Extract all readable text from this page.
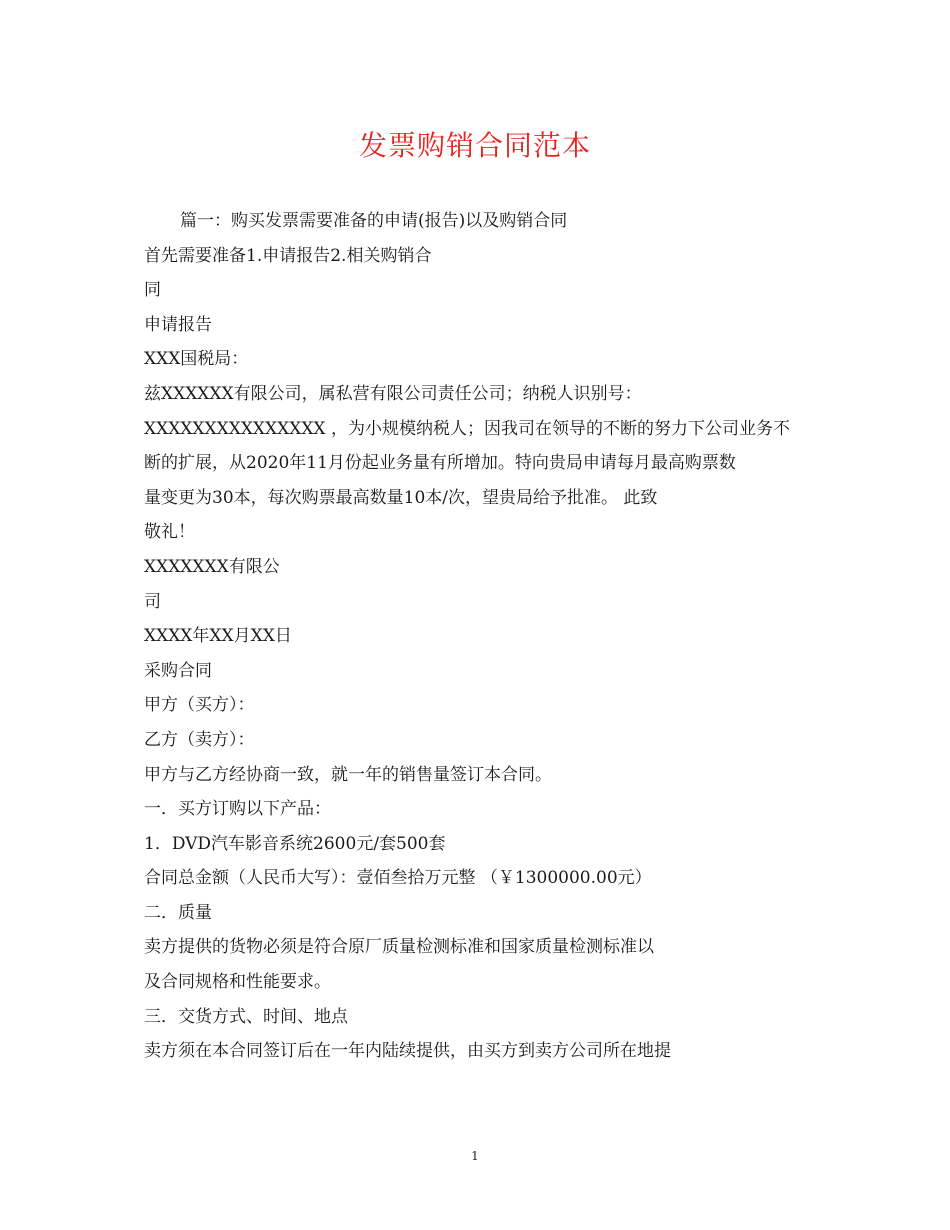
发票购销合同范本
篇一：购买发票需要准备的申请(报告)以及购销合同
首先需要准备1.申请报告2.相关购销合
同
申请报告
XXX国税局：
兹XXXXXX有限公司，属私营有限公司责任公司；纳税人识别号：
XXXXXXXXXXXXXXX ，为小规模纳税人；因我司在领导的不断的努力下公司业务不
断的扩展，从2020年11月份起业务量有所增加。特向贵局申请每月最高购票数
量变更为30本，每次购票最高数量10本/次，望贵局给予批准。 此致
敬礼！
XXXXXXX有限公
司
XXXX年XX月XX日
采购合同
甲方（买方）：
乙方（卖方）：
甲方与乙方经协商一致，就一年的销售量签订本合同。
一．买方订购以下产品：
1．DVD汽车影音系统2600元/套500套
合同总金额（人民币大写）：壹佰叁拾万元整 （￥1300000.00元）
二．质量
卖方提供的货物必须是符合原厂质量检测标准和国家质量检测标准以
及合同规格和性能要求。
三．交货方式、时间、地点
卖方须在本合同签订后在一年内陆续提供，由买方到卖方公司所在地提
1
